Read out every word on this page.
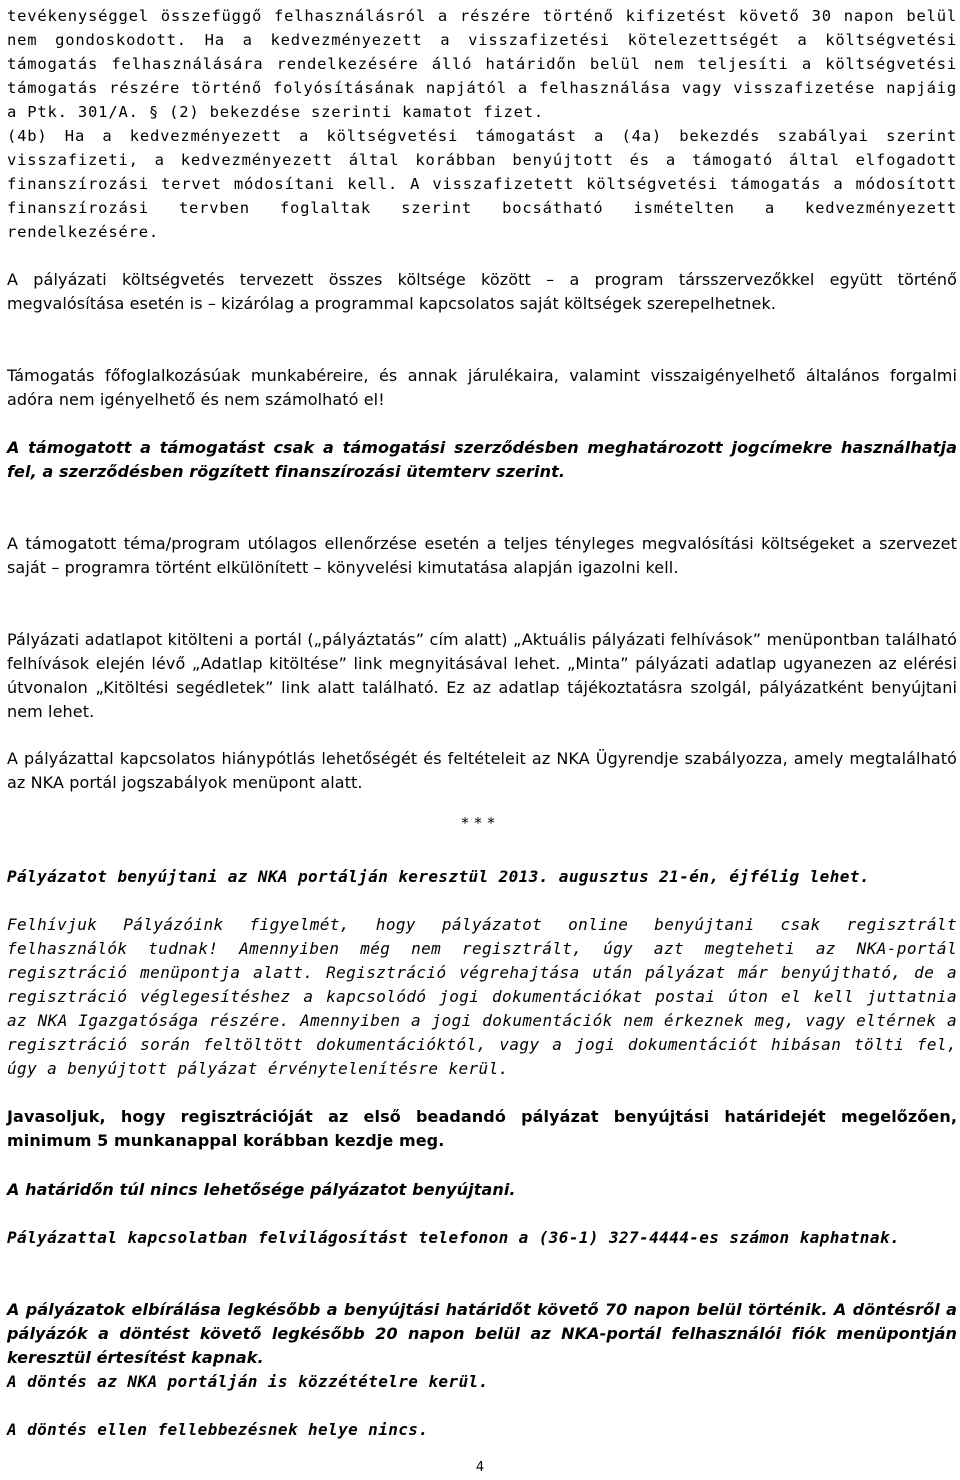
tevékenységgel összefüggő felhasználásról a részére történő kifizetést követő 30 napon belül nem gondoskodott. Ha a kedvezményezett a visszafizetési kötelezettségét a költségvetési támogatás felhasználására rendelkezésére álló határidőn belül nem teljesíti a költségvetési támogatás részére történő folyósításának napjától a felhasználása vagy visszafizetése napjáig a Ptk. 301/A. § (2) bekezdése szerinti kamatot fizet.

(4b) Ha a kedvezményezett a költségvetési támogatást a (4a) bekezdés szabályai szerint visszafizeti, a kedvezményezett által korábban benyújtott és a támogató által elfogadott finanszírozási tervet módosítani kell. A visszafizetett költségvetési támogatás a módosított finanszírozási tervben foglaltak szerint bocsátható ismételten a kedvezményezett rendelkezésére.

A pályázati költségvetés tervezett összes költsége között – a program társszervezőkkel együtt történő megvalósítása esetén is – kizárólag a programmal kapcsolatos saját költségek szerepelhetnek.

Támogatás főfoglalkozásúak munkabéreire, és annak járulékaira, valamint visszaigényelhető általános forgalmi adóra nem igényelhető és nem számolható el!

A támogatott a támogatást csak a támogatási szerződésben meghatározott jogcímekre használhatja fel, a szerződésben rögzített finanszírozási ütemterv szerint.

A támogatott téma/program utólagos ellenőrzése esetén a teljes tényleges megvalósítási költségeket a szervezet saját – programra történt elkülönített – könyvelési kimutatása alapján igazolni kell.

Pályázati adatlapot kitölteni a portál („pályáztatás” cím alatt) „Aktuális pályázati felhívások” menüpontban található felhívások elején lévő „Adatlap kitöltése” link megnyitásával lehet. „Minta” pályázati adatlap ugyanezen az elérési útvonalon „Kitöltési segédletek” link alatt található. Ez az adatlap tájékoztatásra szolgál, pályázatként benyújtani nem lehet.

A pályázattal kapcsolatos hiánypótlás lehetőségét és feltételeit az NKA Ügyrendje szabályozza, amely megtalálható az NKA portál jogszabályok menüpont alatt.

***

Pályázatot benyújtani az NKA portálján keresztül 2013. augusztus 21-én, éjfélig lehet.

Felhívjuk Pályázóink figyelmét, hogy pályázatot online benyújtani csak regisztrált felhasználók tudnak! Amennyiben még nem regisztrált, úgy azt megteheti az NKA-portál regisztráció menüpontja alatt. Regisztráció végrehajtása után pályázat már benyújtható, de a regisztráció véglegesítéshez a kapcsolódó jogi dokumentációkat postai úton el kell juttatnia az NKA Igazgatósága részére. Amennyiben a jogi dokumentációk nem érkeznek meg, vagy eltérnek a regisztráció során feltöltött dokumentációktól, vagy a jogi dokumentációt hibásan tölti fel, úgy a benyújtott pályázat érvénytelenítésre kerül.

Javasoljuk, hogy regisztrációját az első beadandó pályázat benyújtási határidejét megelőzően, minimum 5 munkanappal korábban kezdje meg.

A határidőn túl nincs lehetősége pályázatot benyújtani.

Pályázattal kapcsolatban felvilágosítást telefonon a (36-1) 327-4444-es számon kaphatnak.

A pályázatok elbírálása legkésőbb a benyújtási határidőt követő 70 napon belül történik. A döntésről a pályázók a döntést követő legkésőbb 20 napon belül az NKA-portál felhasználói fiók menüpontján keresztül értesítést kapnak.

A döntés az NKA portálján is közzétételre kerül.

A döntés ellen fellebbezésnek helye nincs.

4
